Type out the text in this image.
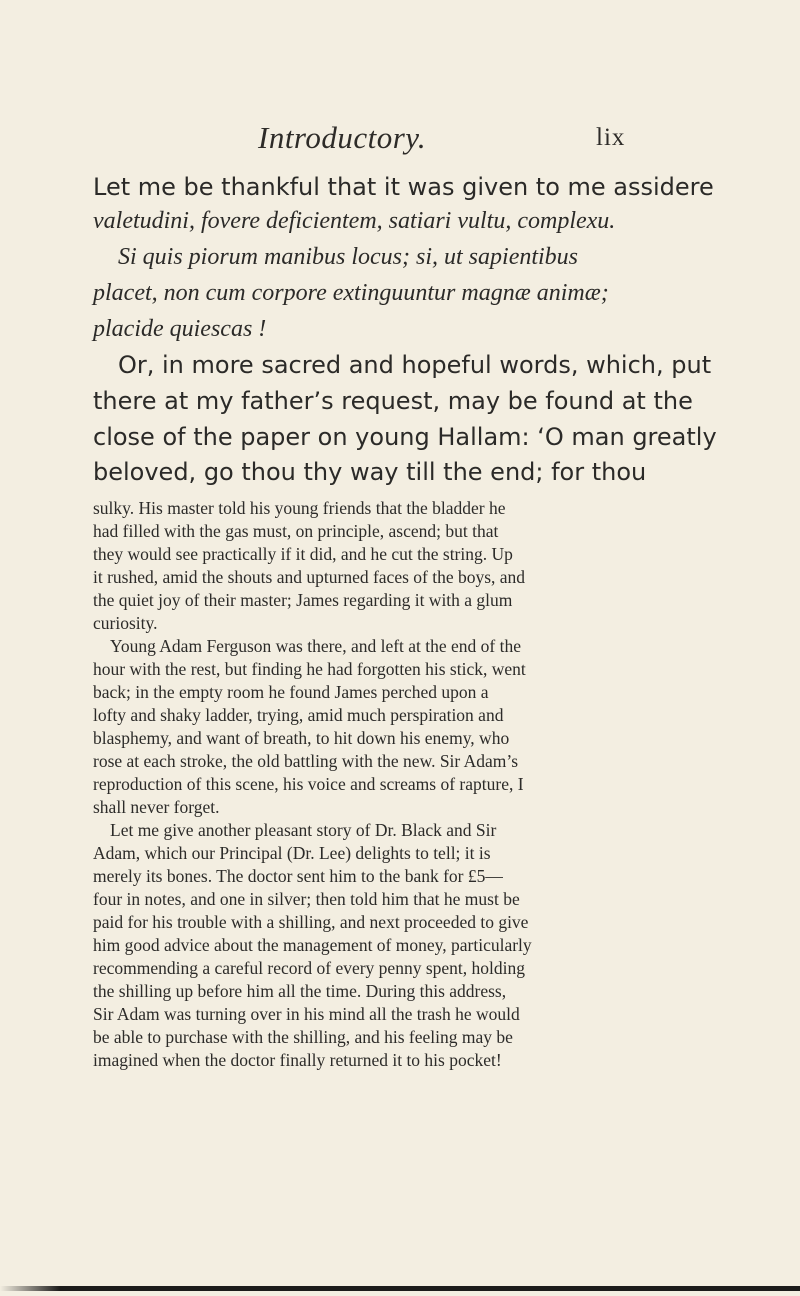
Introductory.	lix
Let me be thankful that it was given to me assidere
valetudini, fovere deficientem, satiari vultu, complexu.
Si quis piorum manibus locus; si, ut sapientibus
placet, non cum corpore extinguuntur magnæ animæ;
placide quiescas !
Or, in more sacred and hopeful words, which, put
there at my father’s request, may be found at the
close of the paper on young Hallam: ‘O man greatly
beloved, go thou thy way till the end; for thou
sulky. His master told his young friends that the bladder he
had filled with the gas must, on principle, ascend; but that
they would see practically if it did, and he cut the string. Up
it rushed, amid the shouts and upturned faces of the boys, and
the quiet joy of their master; James regarding it with a glum
curiosity.
Young Adam Ferguson was there, and left at the end of the
hour with the rest, but finding he had forgotten his stick, went
back; in the empty room he found James perched upon a
lofty and shaky ladder, trying, amid much perspiration and
blasphemy, and want of breath, to hit down his enemy, who
rose at each stroke, the old battling with the new. Sir Adam’s
reproduction of this scene, his voice and screams of rapture, I
shall never forget.
Let me give another pleasant story of Dr. Black and Sir
Adam, which our Principal (Dr. Lee) delights to tell; it is
merely its bones. The doctor sent him to the bank for £5—
four in notes, and one in silver; then told him that he must be
paid for his trouble with a shilling, and next proceeded to give
him good advice about the management of money, particularly
recommending a careful record of every penny spent, holding
the shilling up before him all the time. During this address,
Sir Adam was turning over in his mind all the trash he would
be able to purchase with the shilling, and his feeling may be
imagined when the doctor finally returned it to his pocket!
